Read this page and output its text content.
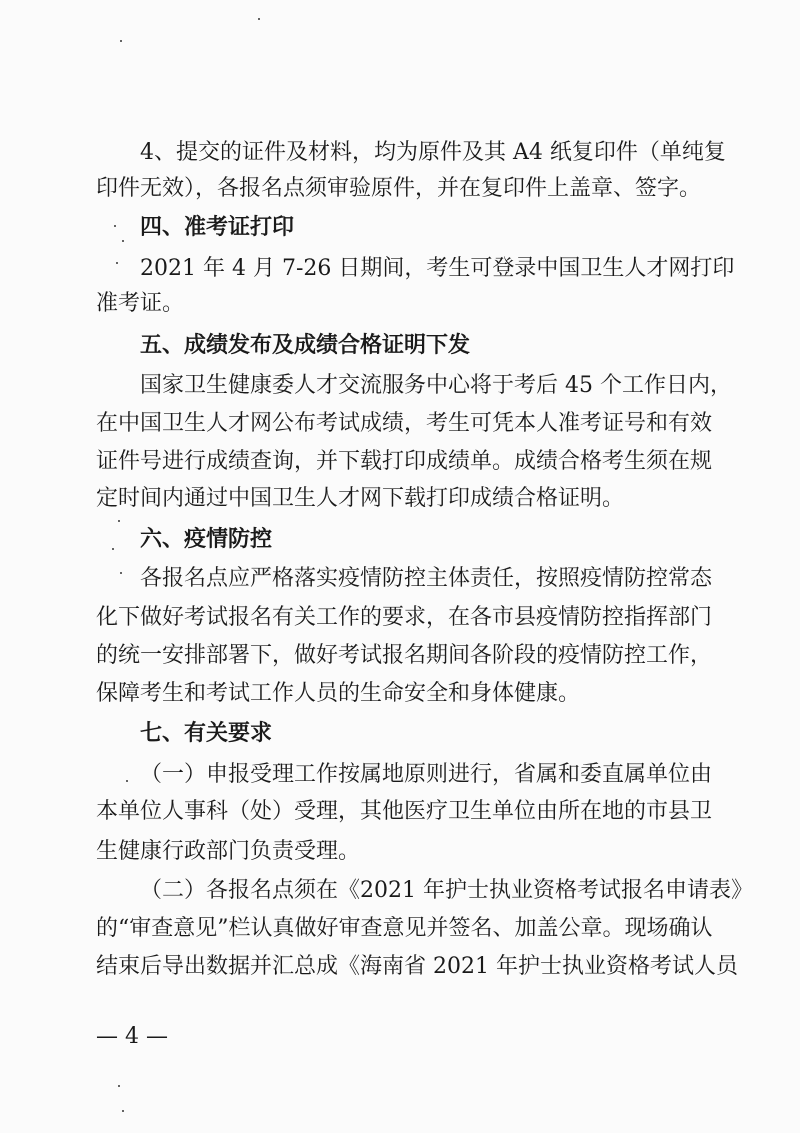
4、提交的证件及材料，均为原件及其 A4 纸复印件（单纯复
印件无效），各报名点须审验原件，并在复印件上盖章、签字。
四、准考证打印
2021 年 4 月 7-26 日期间，考生可登录中国卫生人才网打印
准考证。
五、成绩发布及成绩合格证明下发
国家卫生健康委人才交流服务中心将于考后 45 个工作日内，
在中国卫生人才网公布考试成绩，考生可凭本人准考证号和有效
证件号进行成绩查询，并下载打印成绩单。成绩合格考生须在规
定时间内通过中国卫生人才网下载打印成绩合格证明。
六、疫情防控
各报名点应严格落实疫情防控主体责任，按照疫情防控常态
化下做好考试报名有关工作的要求，在各市县疫情防控指挥部门
的统一安排部署下，做好考试报名期间各阶段的疫情防控工作，
保障考生和考试工作人员的生命安全和身体健康。
七、有关要求
（一）申报受理工作按属地原则进行，省属和委直属单位由
本单位人事科（处）受理，其他医疗卫生单位由所在地的市县卫
生健康行政部门负责受理。
（二）各报名点须在《2021 年护士执业资格考试报名申请表》
的“审查意见”栏认真做好审查意见并签名、加盖公章。现场确认
结束后导出数据并汇总成《海南省 2021 年护士执业资格考试人员
— 4 —
